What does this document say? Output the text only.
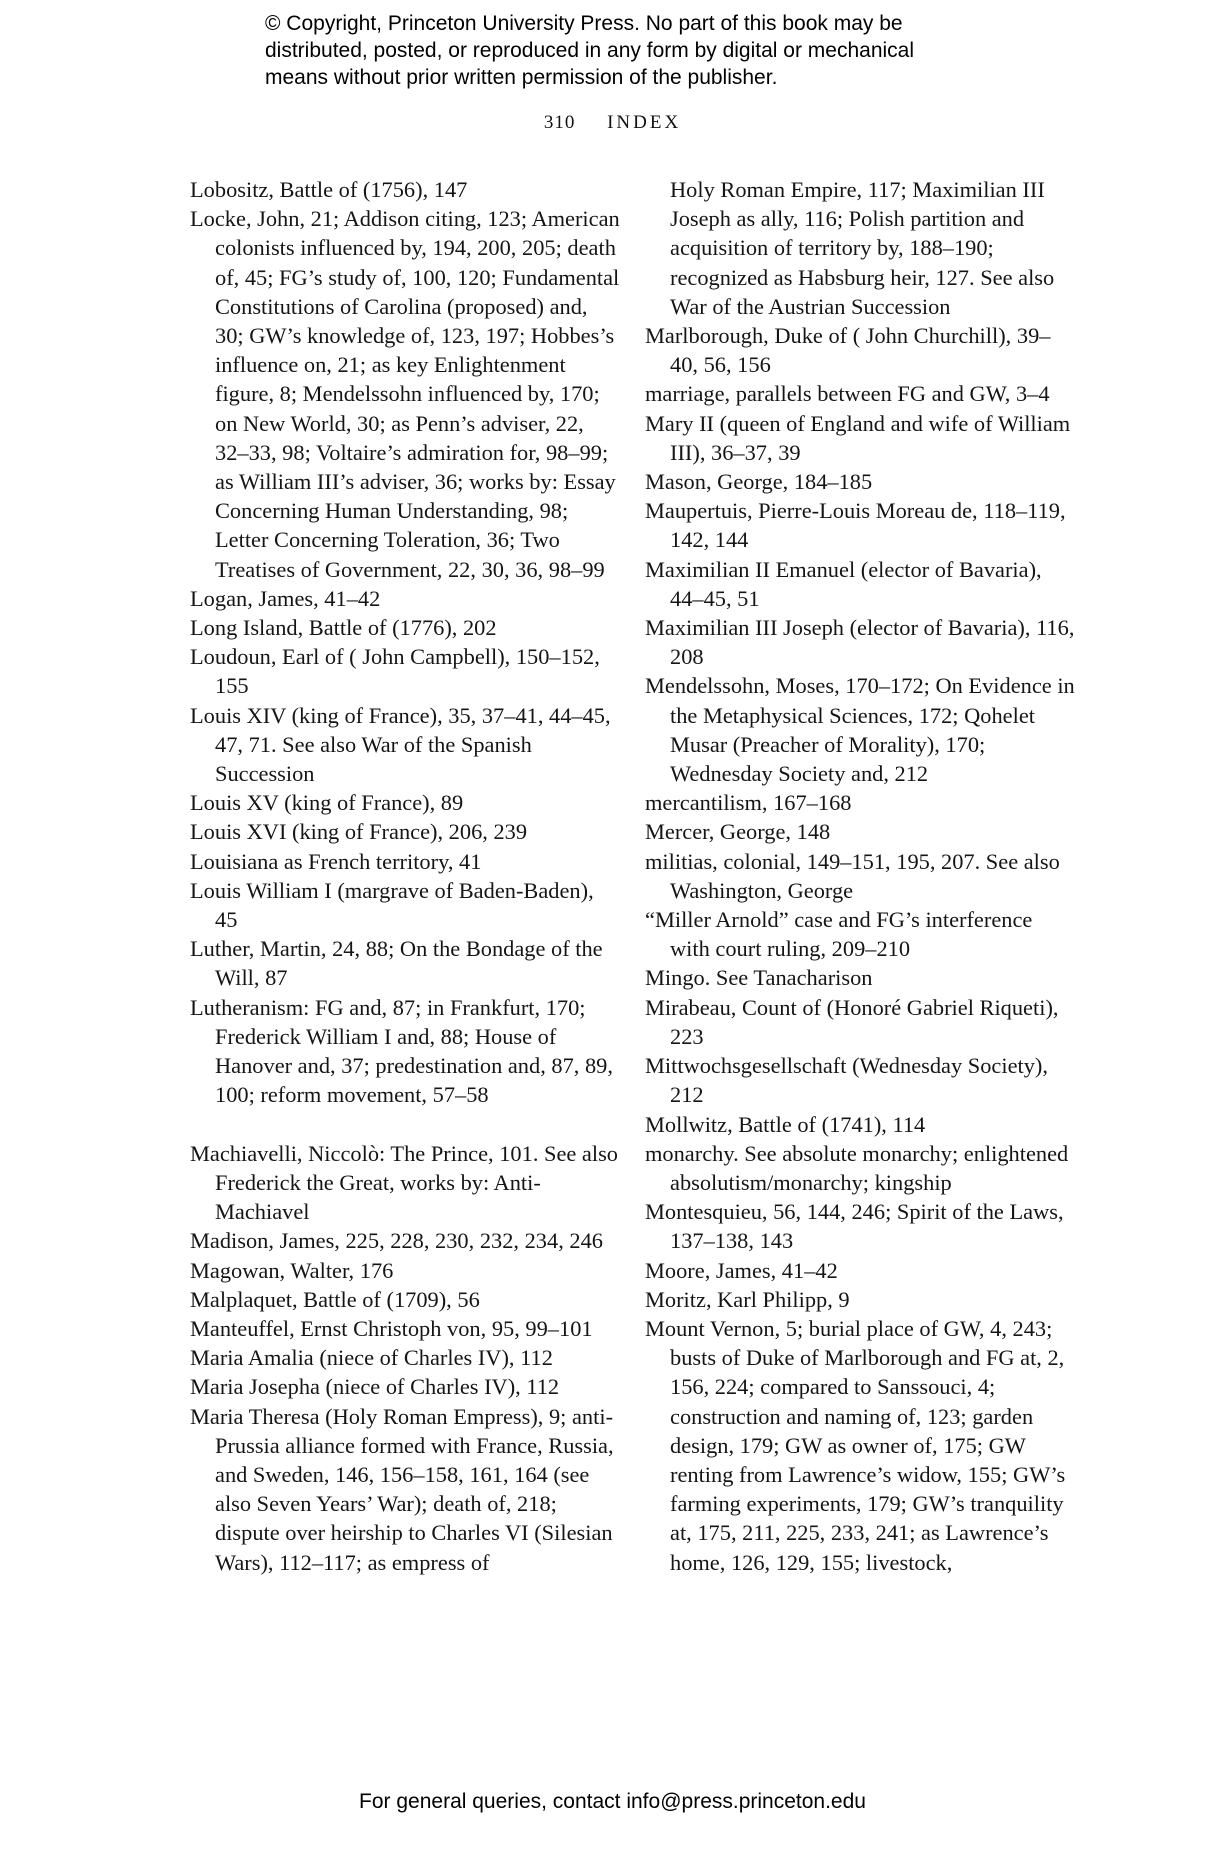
© Copyright, Princeton University Press. No part of this book may be
distributed, posted, or reproduced in any form by digital or mechanical
means without prior written permission of the publisher.
310 INDEX
Lobositz, Battle of (1756), 147
Locke, John, 21; Addison citing, 123; American colonists influenced by, 194, 200, 205; death of, 45; FG’s study of, 100, 120; Fundamental Constitutions of Carolina (proposed) and, 30; GW’s knowledge of, 123, 197; Hobbes’s influence on, 21; as key Enlightenment figure, 8; Mendelssohn influenced by, 170; on New World, 30; as Penn’s adviser, 22, 32–33, 98; Voltaire’s admiration for, 98–99; as William III’s adviser, 36; works by: Essay Concerning Human Understanding, 98; Letter Concerning Toleration, 36; Two Treatises of Government, 22, 30, 36, 98–99
Logan, James, 41–42
Long Island, Battle of (1776), 202
Loudoun, Earl of ( John Campbell), 150–152, 155
Louis XIV (king of France), 35, 37–41, 44–45, 47, 71. See also War of the Spanish Succession
Louis XV (king of France), 89
Louis XVI (king of France), 206, 239
Louisiana as French territory, 41
Louis William I (margrave of Baden-Baden), 45
Luther, Martin, 24, 88; On the Bondage of the Will, 87
Lutheranism: FG and, 87; in Frankfurt, 170; Frederick William I and, 88; House of Hanover and, 37; predestination and, 87, 89, 100; reform movement, 57–58
Machiavelli, Niccolò: The Prince, 101. See also Frederick the Great, works by: Anti-Machiavel
Madison, James, 225, 228, 230, 232, 234, 246
Magowan, Walter, 176
Malplaquet, Battle of (1709), 56
Manteuffel, Ernst Christoph von, 95, 99–101
Maria Amalia (niece of Charles IV), 112
Maria Josepha (niece of Charles IV), 112
Maria Theresa (Holy Roman Empress), 9; anti-Prussia alliance formed with France, Russia, and Sweden, 146, 156–158, 161, 164 (see also Seven Years’ War); death of, 218; dispute over heirship to Charles VI (Silesian Wars), 112–117; as empress of
Holy Roman Empire, 117; Maximilian III Joseph as ally, 116; Polish partition and acquisition of territory by, 188–190; recognized as Habsburg heir, 127. See also War of the Austrian Succession
Marlborough, Duke of ( John Churchill), 39–40, 56, 156
marriage, parallels between FG and GW, 3–4
Mary II (queen of England and wife of William III), 36–37, 39
Mason, George, 184–185
Maupertuis, Pierre-Louis Moreau de, 118–119, 142, 144
Maximilian II Emanuel (elector of Bavaria), 44–45, 51
Maximilian III Joseph (elector of Bavaria), 116, 208
Mendelssohn, Moses, 170–172; On Evidence in the Metaphysical Sciences, 172; Qohelet Musar (Preacher of Morality), 170; Wednesday Society and, 212
mercantilism, 167–168
Mercer, George, 148
militias, colonial, 149–151, 195, 207. See also Washington, George
“Miller Arnold” case and FG’s interference with court ruling, 209–210
Mingo. See Tanacharison
Mirabeau, Count of (Honoré Gabriel Riqueti), 223
Mittwochsgesellschaft (Wednesday Society), 212
Mollwitz, Battle of (1741), 114
monarchy. See absolute monarchy; enlightened absolutism/monarchy; kingship
Montesquieu, 56, 144, 246; Spirit of the Laws, 137–138, 143
Moore, James, 41–42
Moritz, Karl Philipp, 9
Mount Vernon, 5; burial place of GW, 4, 243; busts of Duke of Marlborough and FG at, 2, 156, 224; compared to Sanssouci, 4; construction and naming of, 123; garden design, 179; GW as owner of, 175; GW renting from Lawrence’s widow, 155; GW’s farming experiments, 179; GW’s tranquility at, 175, 211, 225, 233, 241; as Lawrence’s home, 126, 129, 155; livestock,
For general queries, contact info@press.princeton.edu
